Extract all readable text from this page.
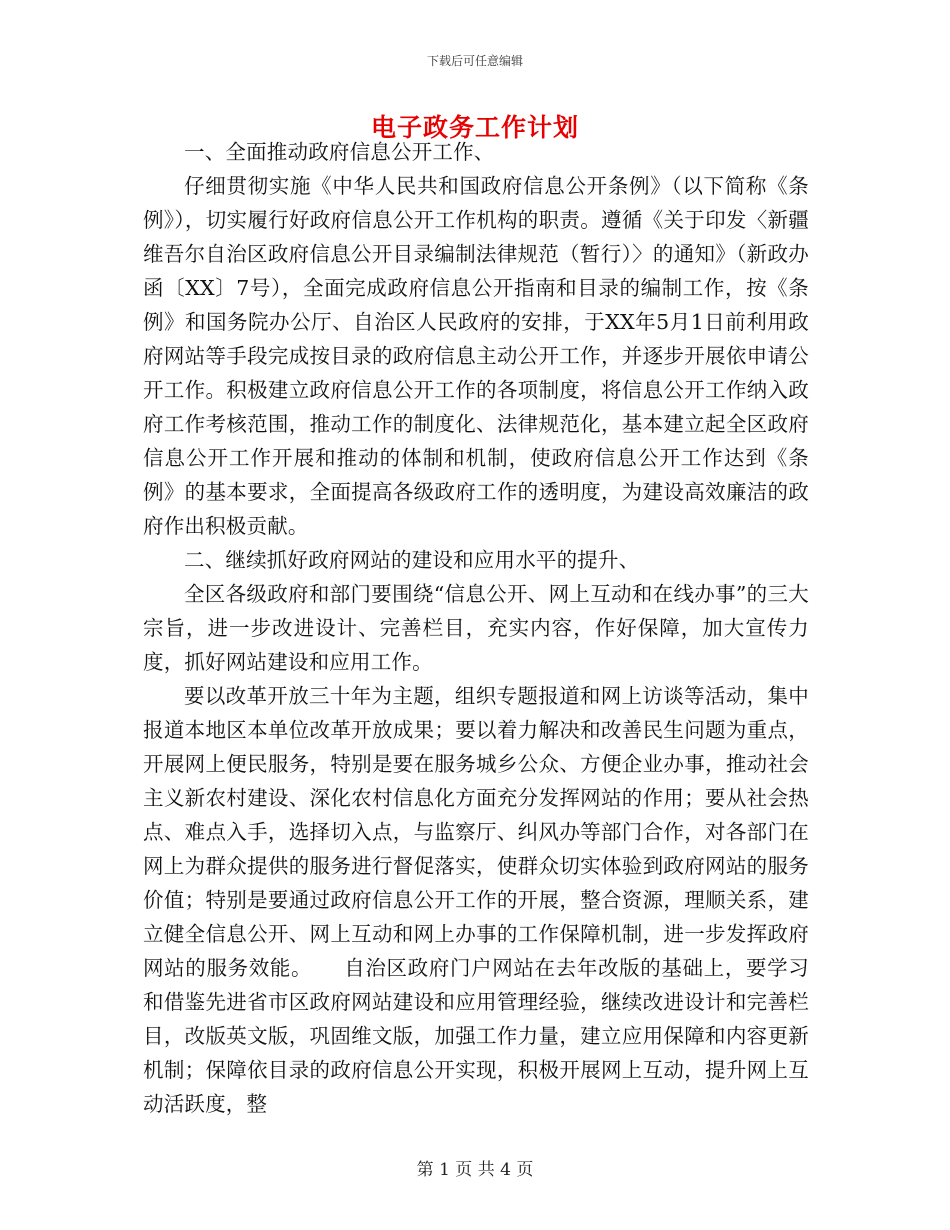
下载后可任意编辑
电子政务工作计划

一、全面推动政府信息公开工作、

仔细贯彻实施《中华人民共和国政府信息公开条例》（以下简称《条例》），切实履行好政府信息公开工作机构的职责。遵循《关于印发〈新疆维吾尔自治区政府信息公开目录编制法律规范（暂行）〉的通知》（新政办函〔XX〕7号），全面完成政府信息公开指南和目录的编制工作，按《条例》和国务院办公厅、自治区人民政府的安排，于XX年5月1日前利用政府网站等手段完成按目录的政府信息主动公开工作，并逐步开展依申请公开工作。积极建立政府信息公开工作的各项制度，将信息公开工作纳入政府工作考核范围，推动工作的制度化、法律规范化，基本建立起全区政府信息公开工作开展和推动的体制和机制，使政府信息公开工作达到《条例》的基本要求，全面提高各级政府工作的透明度，为建设高效廉洁的政府作出积极贡献。

二、继续抓好政府网站的建设和应用水平的提升、

全区各级政府和部门要围绕“信息公开、网上互动和在线办事”的三大宗旨，进一步改进设计、完善栏目，充实内容，作好保障，加大宣传力度，抓好网站建设和应用工作。

要以改革开放三十年为主题，组织专题报道和网上访谈等活动，集中报道本地区本单位改革开放成果；要以着力解决和改善民生问题为重点，开展网上便民服务，特别是要在服务城乡公众、方便企业办事，推动社会主义新农村建设、深化农村信息化方面充分发挥网站的作用；要从社会热点、难点入手，选择切入点，与监察厅、纠风办等部门合作，对各部门在网上为群众提供的服务进行督促落实，使群众切实体验到政府网站的服务价值；特别是要通过政府信息公开工作的开展，整合资源，理顺关系，建立健全信息公开、网上互动和网上办事的工作保障机制，进一步发挥政府网站的服务效能。　　自治区政府门户网站在去年改版的基础上，要学习和借鉴先进省市区政府网站建设和应用管理经验，继续改进设计和完善栏目，改版英文版，巩固维文版，加强工作力量，建立应用保障和内容更新机制；保障依目录的政府信息公开实现，积极开展网上互动，提升网上互动活跃度，整

第 1 页 共 4 页
